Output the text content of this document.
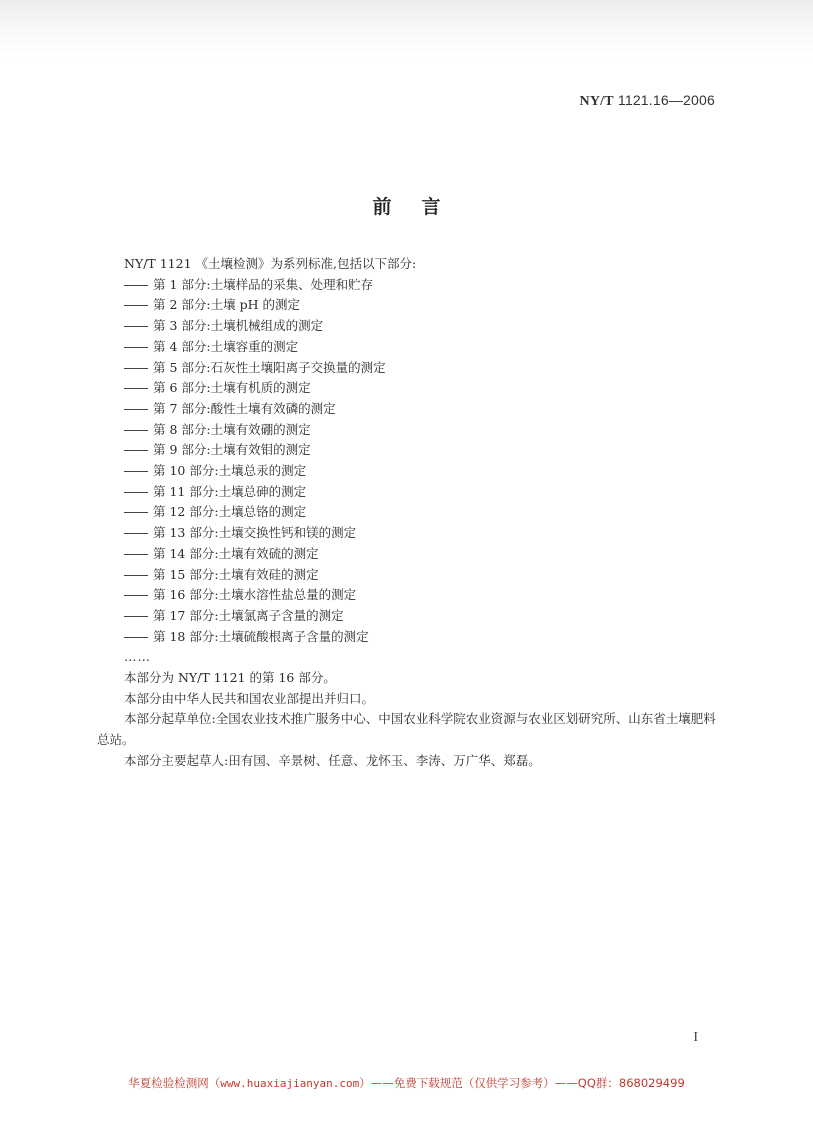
NY/T 1121.16—2006
前言
NY/T 1121 《土壤检测》为系列标准,包括以下部分:
第 1 部分:土壤样品的采集、处理和贮存
第 2 部分:土壤 pH 的测定
第 3 部分:土壤机械组成的测定
第 4 部分:土壤容重的测定
第 5 部分:石灰性土壤阳离子交换量的测定
第 6 部分:土壤有机质的测定
第 7 部分:酸性土壤有效磷的测定
第 8 部分:土壤有效硼的测定
第 9 部分:土壤有效钼的测定
第 10 部分:土壤总汞的测定
第 11 部分:土壤总砷的测定
第 12 部分:土壤总铬的测定
第 13 部分:土壤交换性钙和镁的测定
第 14 部分:土壤有效硫的测定
第 15 部分:土壤有效硅的测定
第 16 部分:土壤水溶性盐总量的测定
第 17 部分:土壤氯离子含量的测定
第 18 部分:土壤硫酸根离子含量的测定
……
本部分为 NY/T 1121 的第 16 部分。
本部分由中华人民共和国农业部提出并归口。
本部分起草单位:全国农业技术推广服务中心、中国农业科学院农业资源与农业区划研究所、山东省土壤肥料总站。
本部分主要起草人:田有国、辛景树、任意、龙怀玉、李涛、万广华、郑磊。
I
华夏检验检测网（www.huaxiajianyan.com）——免费下载规范（仅供学习参考）——QQ群：868029499
